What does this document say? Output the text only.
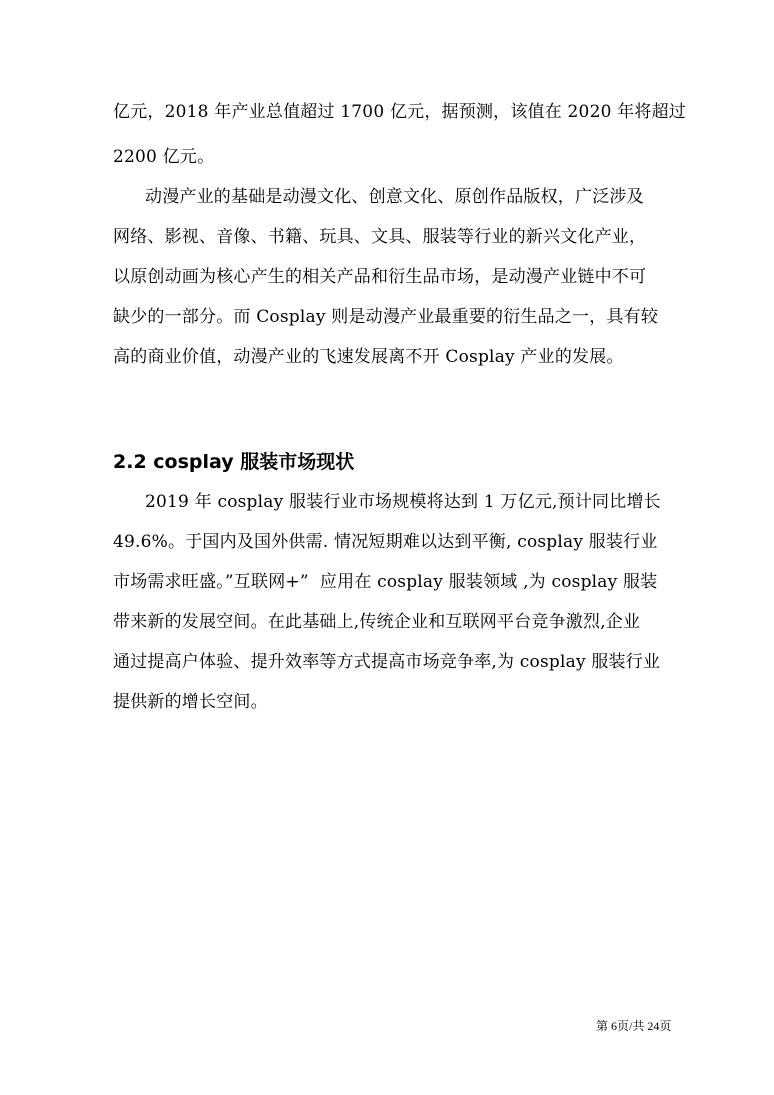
亿元，2018 年产业总值超过 1700 亿元，据预测，该值在 2020 年将超过
2200 亿元。
动漫产业的基础是动漫文化、创意文化、原创作品版权，广泛涉及
网络、影视、音像、书籍、玩具、文具、服装等行业的新兴文化产业，
以原创动画为核心产生的相关产品和衍生品市场，是动漫产业链中不可
缺少的一部分。而 Cosplay 则是动漫产业最重要的衍生品之一，具有较
高的商业价值，动漫产业的飞速发展离不开 Cosplay 产业的发展。
2.2 cosplay 服装市场现状
2019 年 cosplay 服装行业市场规模将达到 1 万亿元,预计同比增长
49.6%。于国内及国外供需. 情况短期难以达到平衡, cosplay 服装行业
市场需求旺盛。”互联网+”  应用在 cosplay 服装领域 ,为 cosplay 服装
带来新的发展空间。在此基础上,传统企业和互联网平台竞争激烈,企业
通过提高户体验、提升效率等方式提高市场竞争率,为 cosplay 服装行业
提供新的增长空间。
第 6页/共 24页
